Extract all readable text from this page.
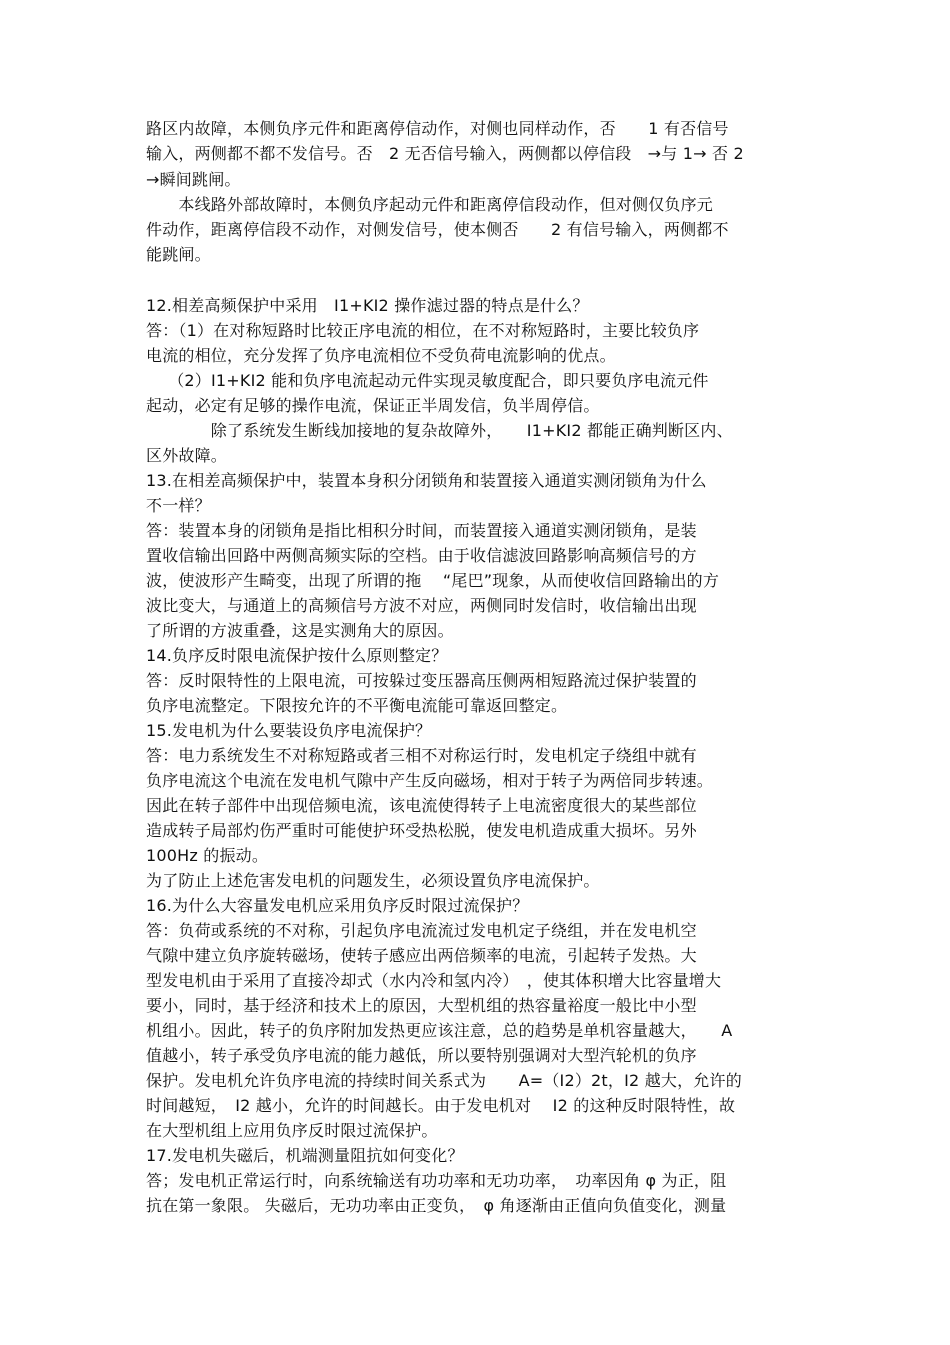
路区内故障，本侧负序元件和距离停信动作，对侧也同样动作，否　　1 有否信号
输入，两侧都不都不发信号。否　2 无否信号输入，两侧都以停信段　→与 1→ 否 2
→瞬间跳闸。
　　本线路外部故障时，本侧负序起动元件和距离停信段动作，但对侧仅负序元
件动作，距离停信段不动作，对侧发信号，使本侧否　　2 有信号输入，两侧都不
能跳闸。
12.相差高频保护中采用　I1+KI2 操作滤过器的特点是什么？
答：（1）在对称短路时比较正序电流的相位，在不对称短路时，主要比较负序
电流的相位，充分发挥了负序电流相位不受负荷电流影响的优点。
　（2）I1+KI2 能和负序电流起动元件实现灵敏度配合，即只要负序电流元件
起动，必定有足够的操作电流，保证正半周发信，负半周停信。
　　　　除了系统发生断线加接地的复杂故障外，　　I1+KI2 都能正确判断区内、
区外故障。
13.在相差高频保护中，装置本身积分闭锁角和装置接入通道实测闭锁角为什么
不一样？
答：装置本身的闭锁角是指比相积分时间，而装置接入通道实测闭锁角，是装
置收信输出回路中两侧高频实际的空档。由于收信滤波回路影响高频信号的方
波，使波形产生畸变，出现了所谓的拖　 “尾巴”现象，从而使收信回路输出的方
波比变大，与通道上的高频信号方波不对应，两侧同时发信时，收信输出出现
了所谓的方波重叠，这是实测角大的原因。
14.负序反时限电流保护按什么原则整定？
答：反时限特性的上限电流，可按躲过变压器高压侧两相短路流过保护装置的
负序电流整定。下限按允许的不平衡电流能可靠返回整定。
15.发电机为什么要装设负序电流保护？
答：电力系统发生不对称短路或者三相不对称运行时，发电机定子绕组中就有
负序电流这个电流在发电机气隙中产生反向磁场，相对于转子为两倍同步转速。
因此在转子部件中出现倍频电流，该电流使得转子上电流密度很大的某些部位
造成转子局部灼伤严重时可能使护环受热松脱，使发电机造成重大损坏。另外
100Hz 的振动。
为了防止上述危害发电机的问题发生，必须设置负序电流保护。
16.为什么大容量发电机应采用负序反时限过流保护？
答：负荷或系统的不对称，引起负序电流流过发电机定子绕组，并在发电机空
气隙中建立负序旋转磁场，使转子感应出两倍频率的电流，引起转子发热。大
型发电机由于采用了直接冷却式（水内冷和氢内冷）　，使其体积增大比容量增大
要小，同时，基于经济和技术上的原因，大型机组的热容量裕度一般比中小型
机组小。因此，转子的负序附加发热更应该注意，总的趋势是单机容量越大，　　A
值越小，转子承受负序电流的能力越低，所以要特别强调对大型汽轮机的负序
保护。发电机允许负序电流的持续时间关系式为　　A=（I2）2t，I2 越大，允许的
时间越短，　I2 越小，允许的时间越长。由于发电机对　 I2 的这种反时限特性，故
在大型机组上应用负序反时限过流保护。
17.发电机失磁后，机端测量阻抗如何变化？
答；发电机正常运行时，向系统输送有功功率和无功功率，　功率因角 φ 为正，阻
抗在第一象限。 失磁后，无功功率由正变负，　φ 角逐渐由正值向负值变化，测量
